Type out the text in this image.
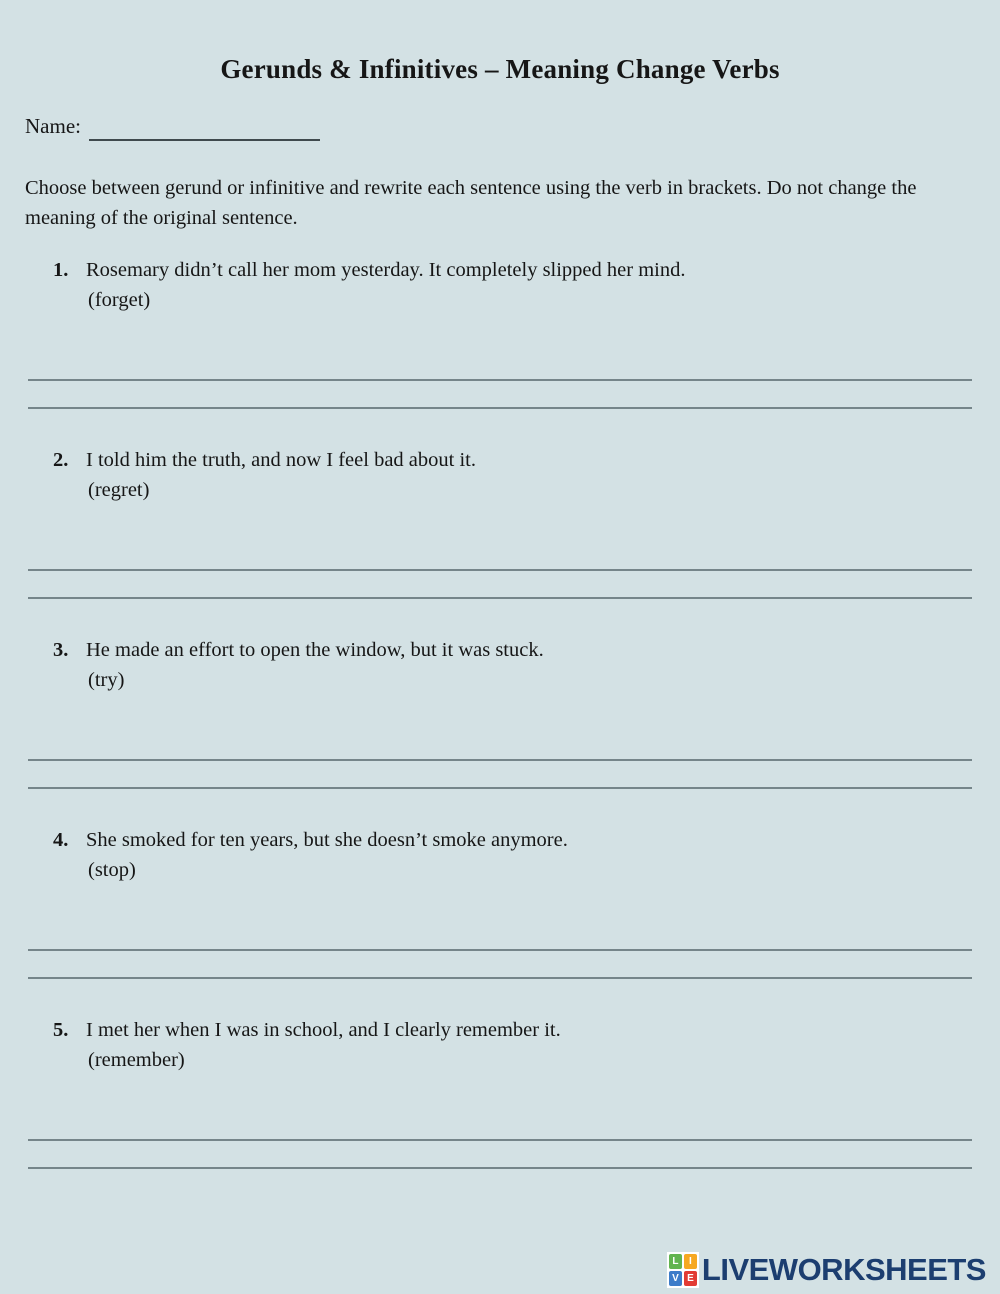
Gerunds & Infinitives – Meaning Change Verbs
Name:
Choose between gerund or infinitive and rewrite each sentence using the verb in brackets. Do not change the meaning of the original sentence.
1. Rosemary didn’t call her mom yesterday. It completely slipped her mind.
(forget)
2. I told him the truth, and now I feel bad about it.
(regret)
3. He made an effort to open the window, but it was stuck.
(try)
4. She smoked for ten years, but she doesn’t smoke anymore.
(stop)
5. I met her when I was in school, and I clearly remember it.
(remember)
L	I
V E LIVEWORKSHEETS
